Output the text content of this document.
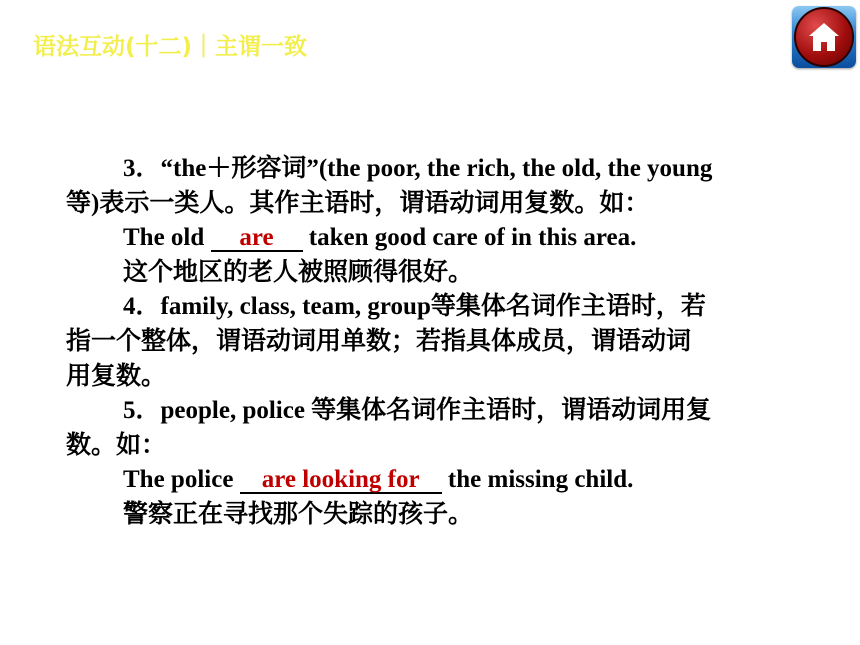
语法互动(十二)｜主谓一致
3．“the＋形容词”(the poor, the rich, the old, the young
等)表示一类人。其作主语时，谓语动词用复数。如：
The old are taken good care of in this area.
这个地区的老人被照顾得很好。
4．family, class, team, group等集体名词作主语时，若
指一个整体，谓语动词用单数；若指具体成员，谓语动词
用复数。
5．people, police 等集体名词作主语时，谓语动词用复
数。如：
The police are looking for the missing child.
警察正在寻找那个失踪的孩子。
